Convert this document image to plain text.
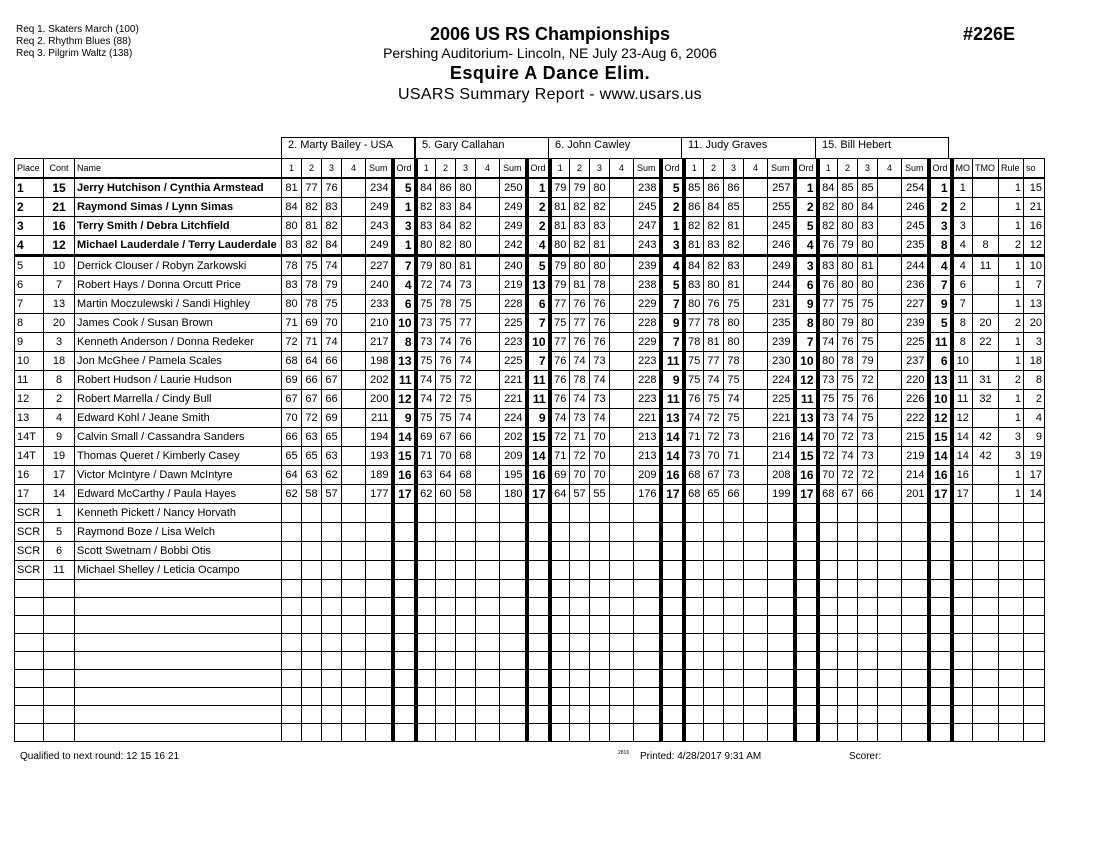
Req 1. Skaters March (100)
Req 2. Rhythm Blues (88)
Req 3. Pilgrim Waltz (138)
2006 US RS Championships
Pershing Auditorium- Lincoln, NE July 23-Aug 6, 2006
Esquire A Dance Elim.
USARS Summary Report - www.usars.us
#226E
2. Marty Bailey - USA	5. Gary Callahan	6. John Cawley	11. Judy Graves	15. Bill Hebert
Place	Cont	Name	1	2	3	4	Sum	Ord	1	2	3	4	Sum	Ord	1	2	3	4	Sum	Ord	1	2	3	4	Sum	Ord	1	2	3	4	Sum	Ord	MO	TMO	Rule	so
1	15	Jerry Hutchison / Cynthia Armstead	81	77	76		234	5	84	86	80		250	1	79	79	80		238	5	85	86	86		257	1	84	85	85		254	1	1		1	15
2	21	Raymond Simas / Lynn Simas	84	82	83		249	1	82	83	84		249	2	81	82	82		245	2	86	84	85		255	2	82	80	84		246	2	2		1	21
3	16	Terry Smith / Debra Litchfield	80	81	82		243	3	83	84	82		249	2	81	83	83		247	1	82	82	81		245	5	82	80	83		245	3	3		1	16
4	12	Michael Lauderdale / Terry Lauderdale	83	82	84		249	1	80	82	80		242	4	80	82	81		243	3	81	83	82		246	4	76	79	80		235	8	4	8	2	12
5	10	Derrick Clouser / Robyn Zarkowski	78	75	74		227	7	79	80	81		240	5	79	80	80		239	4	84	82	83		249	3	83	80	81		244	4	4	11	1	10
6	7	Robert Hays / Donna Orcutt Price	83	78	79		240	4	72	74	73		219	13	79	81	78		238	5	83	80	81		244	6	76	80	80		236	7	6		1	7
7	13	Martin Moczulewski / Sandi Highley	80	78	75		233	6	75	78	75		228	6	77	76	76		229	7	80	76	75		231	9	77	75	75		227	9	7		1	13
8	20	James Cook / Susan Brown	71	69	70		210	10	73	75	77		225	7	75	77	76		228	9	77	78	80		235	8	80	79	80		239	5	8	20	2	20
9	3	Kenneth Anderson / Donna Redeker	72	71	74		217	8	73	74	76		223	10	77	76	76		229	7	78	81	80		239	7	74	76	75		225	11	8	22	1	3
10	18	Jon McGhee / Pamela Scales	68	64	66		198	13	75	76	74		225	7	76	74	73		223	11	75	77	78		230	10	80	78	79		237	6	10		1	18
11	8	Robert Hudson / Laurie Hudson	69	66	67		202	11	74	75	72		221	11	76	78	74		228	9	75	74	75		224	12	73	75	72		220	13	11	31	2	8
12	2	Robert Marrella / Cindy Bull	67	67	66		200	12	74	72	75		221	11	76	74	73		223	11	76	75	74		225	11	75	75	76		226	10	11	32	1	2
13	4	Edward Kohl / Jeane Smith	70	72	69		211	9	75	75	74		224	9	74	73	74		221	13	74	72	75		221	13	73	74	75		222	12	12		1	4
14T	9	Calvin Small / Cassandra Sanders	66	63	65		194	14	69	67	66		202	15	72	71	70		213	14	71	72	73		216	14	70	72	73		215	15	14	42	3	9
14T	19	Thomas Queret / Kimberly Casey	65	65	63		193	15	71	70	68		209	14	71	72	70		213	14	73	70	71		214	15	72	74	73		219	14	14	42	3	19
16	17	Victor McIntyre / Dawn McIntyre	64	63	62		189	16	63	64	68		195	16	69	70	70		209	16	68	67	73		208	16	70	72	72		214	16	16		1	17
17	14	Edward McCarthy / Paula Hayes	62	58	57		177	17	62	60	58		180	17	64	57	55		176	17	68	65	66		199	17	68	67	66		201	17	17		1	14
SCR	1	Kenneth Pickett / Nancy Horvath																																		
SCR	5	Raymond Boze / Lisa Welch																																		
SCR	6	Scott Swetnam / Bobbi Otis																																		
SCR	11	Michael Shelley / Leticia Ocampo																																		

Qualified to next round: 12 15 16 21	2816 Printed: 4/28/2017 9:31 AM	Scorer:
